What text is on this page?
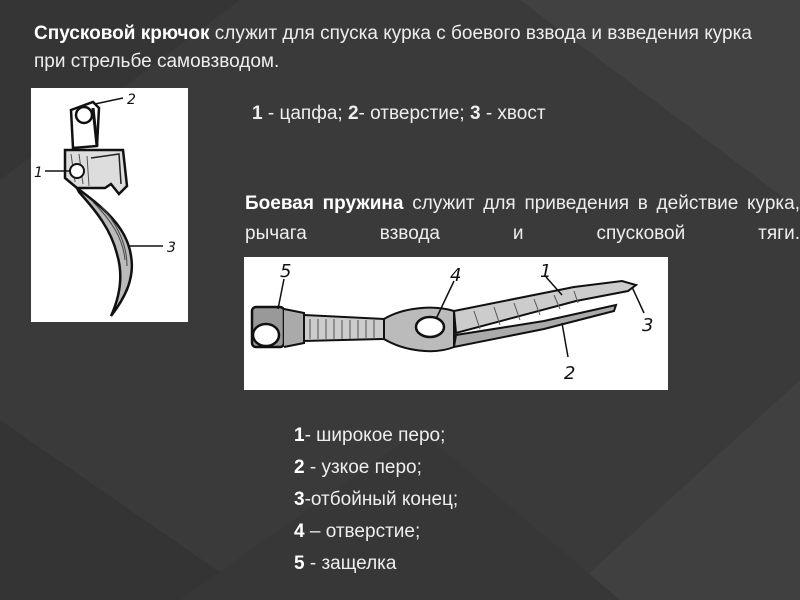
Спусковой крючок служит для спуска курка с боевого взвода и взведения курка при стрельбе самовзводом.
2
1
3
1 - цапфа; 2- отверстие; 3 - хвост
Боевая пружина служит для приведения в действие курка, рычага взвода и спусковой тяги.
5	4	1
3
2
1- широкое перо;
2 - узкое перо;
3-отбойный конец;
4 – отверстие;
5 - защелка
